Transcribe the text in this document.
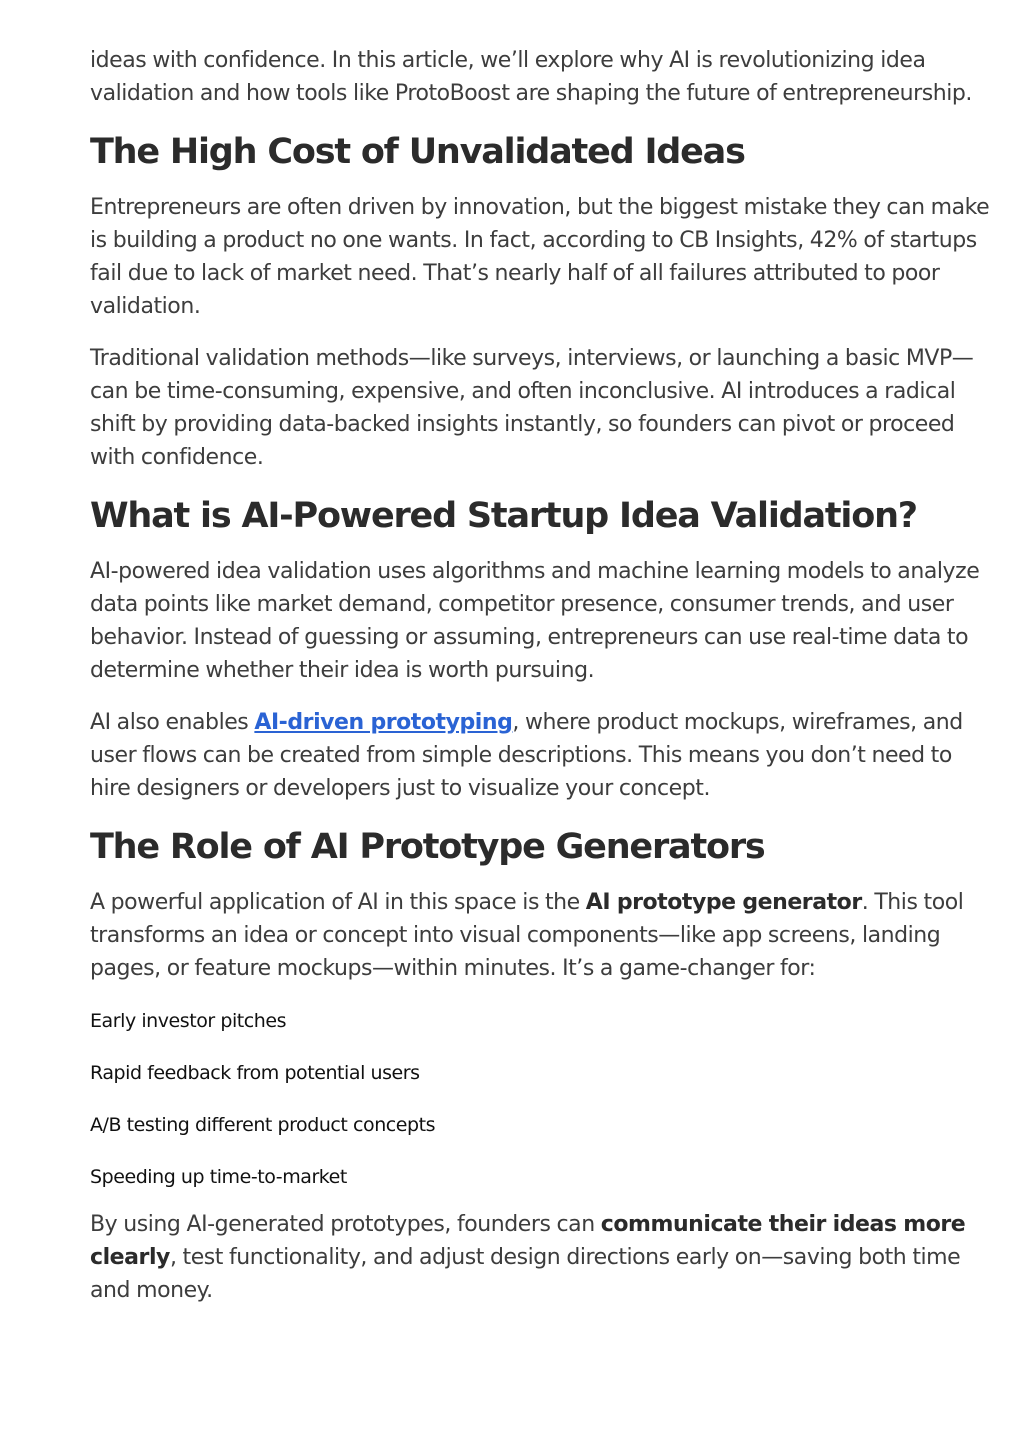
ideas with confidence. In this article, we’ll explore why AI is revolutionizing idea validation and how tools like ProtoBoost are shaping the future of entrepreneurship.

The High Cost of Unvalidated Ideas

Entrepreneurs are often driven by innovation, but the biggest mistake they can make is building a product no one wants. In fact, according to CB Insights, 42% of startups fail due to lack of market need. That’s nearly half of all failures attributed to poor validation.

Traditional validation methods—like surveys, interviews, or launching a basic MVP—can be time-consuming, expensive, and often inconclusive. AI introduces a radical shift by providing data-backed insights instantly, so founders can pivot or proceed with confidence.

What is AI-Powered Startup Idea Validation?

AI-powered idea validation uses algorithms and machine learning models to analyze data points like market demand, competitor presence, consumer trends, and user behavior. Instead of guessing or assuming, entrepreneurs can use real-time data to determine whether their idea is worth pursuing.

AI also enables AI-driven prototyping, where product mockups, wireframes, and user flows can be created from simple descriptions. This means you don’t need to hire designers or developers just to visualize your concept.

The Role of AI Prototype Generators

A powerful application of AI in this space is the AI prototype generator. This tool transforms an idea or concept into visual components—like app screens, landing pages, or feature mockups—within minutes. It’s a game-changer for:

Early investor pitches

Rapid feedback from potential users

A/B testing different product concepts

Speeding up time-to-market

By using AI-generated prototypes, founders can communicate their ideas more clearly, test functionality, and adjust design directions early on—saving both time and money.
